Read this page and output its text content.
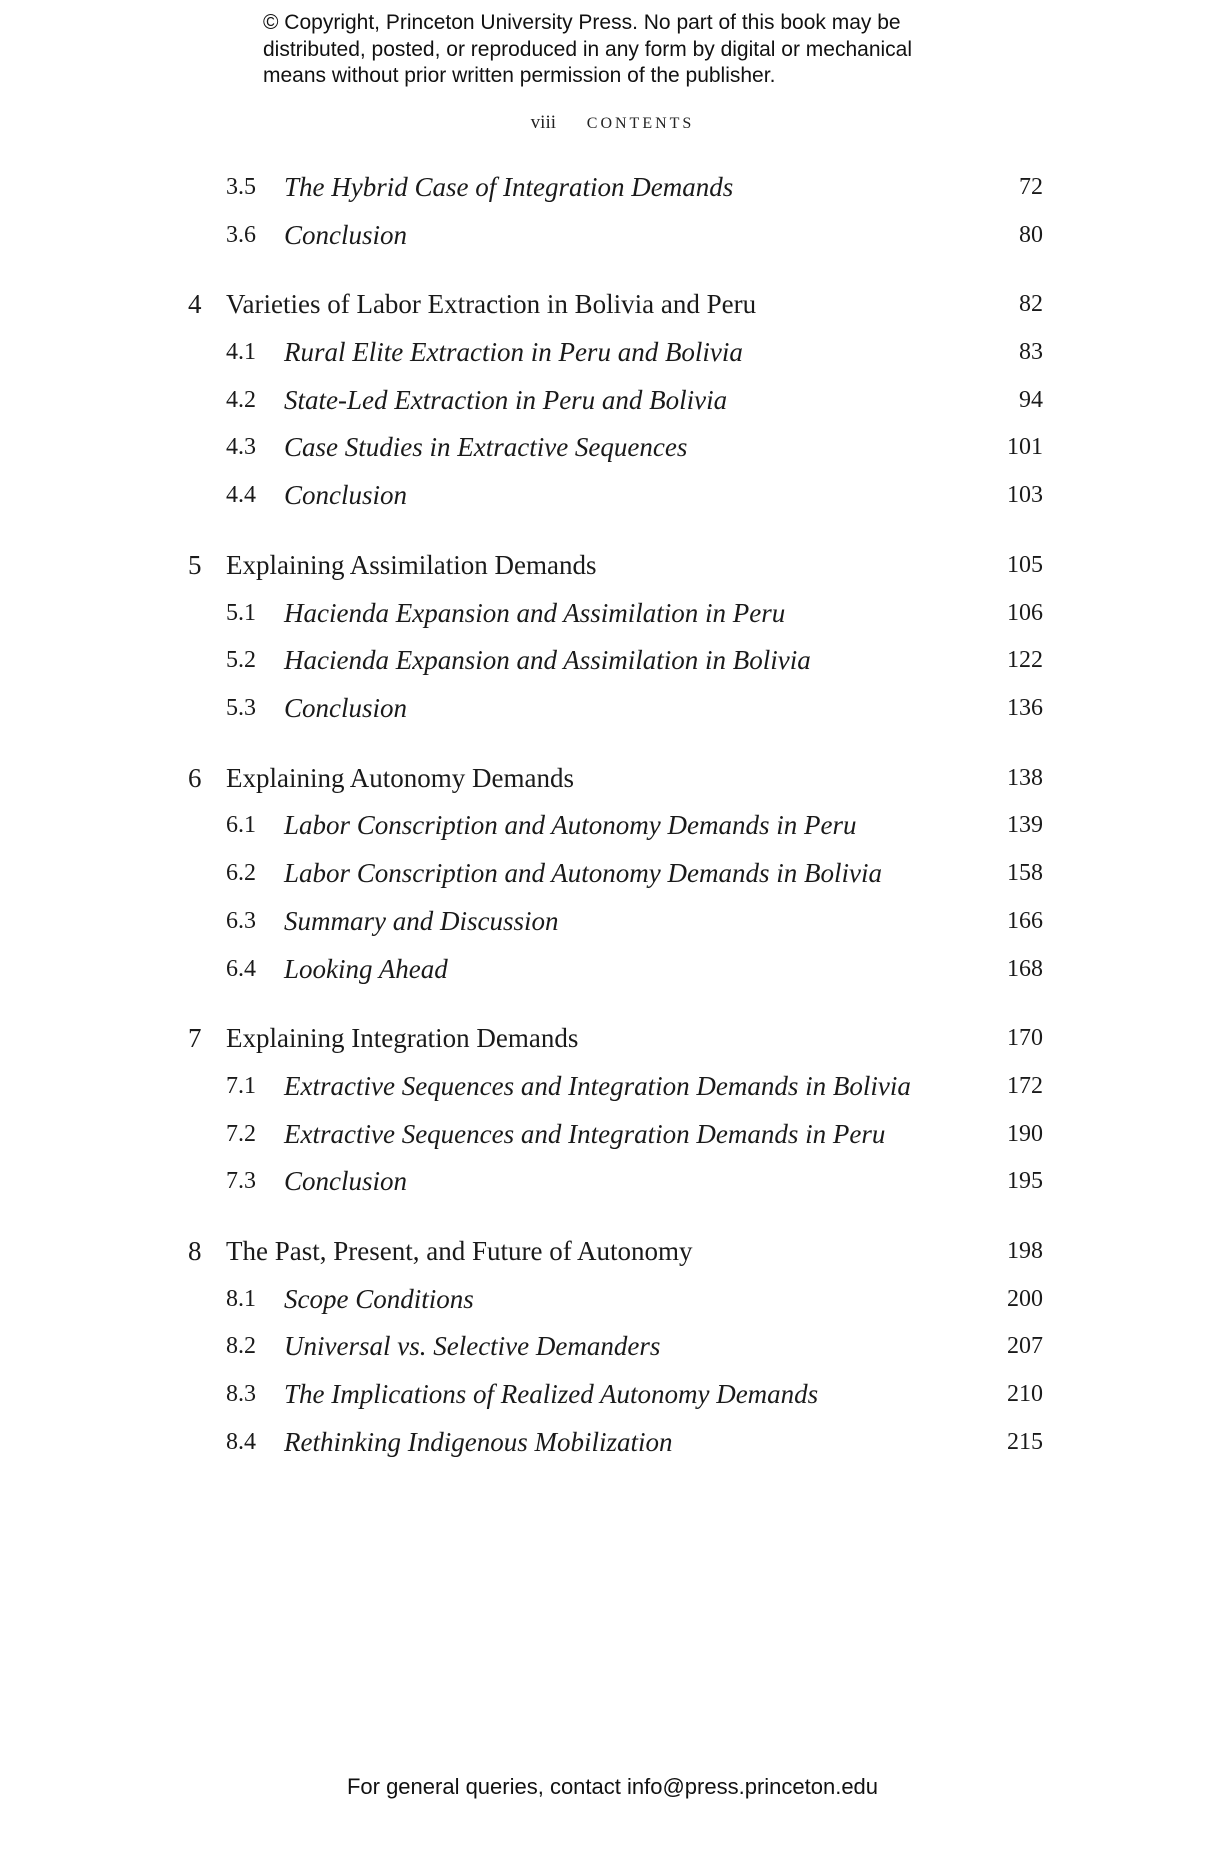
© Copyright, Princeton University Press. No part of this book may be
distributed, posted, or reproduced in any form by digital or mechanical
means without prior written permission of the publisher.
viii CONTENTS
3.5 The Hybrid Case of Integration Demands	72
3.6 Conclusion	80
4 Varieties of Labor Extraction in Bolivia and Peru	82
4.1 Rural Elite Extraction in Peru and Bolivia	83
4.2 State-Led Extraction in Peru and Bolivia	94
4.3 Case Studies in Extractive Sequences	101
4.4 Conclusion	103
5 Explaining Assimilation Demands	105
5.1 Hacienda Expansion and Assimilation in Peru	106
5.2 Hacienda Expansion and Assimilation in Bolivia	122
5.3 Conclusion	136
6 Explaining Autonomy Demands	138
6.1 Labor Conscription and Autonomy Demands in Peru	139
6.2 Labor Conscription and Autonomy Demands in Bolivia	158
6.3 Summary and Discussion	166
6.4 Looking Ahead	168
7 Explaining Integration Demands	170
7.1 Extractive Sequences and Integration Demands in Bolivia	172
7.2 Extractive Sequences and Integration Demands in Peru	190
7.3 Conclusion	195
8 The Past, Present, and Future of Autonomy	198
8.1 Scope Conditions	200
8.2 Universal vs. Selective Demanders	207
8.3 The Implications of Realized Autonomy Demands	210
8.4 Rethinking Indigenous Mobilization	215
For general queries, contact info@press.princeton.edu
